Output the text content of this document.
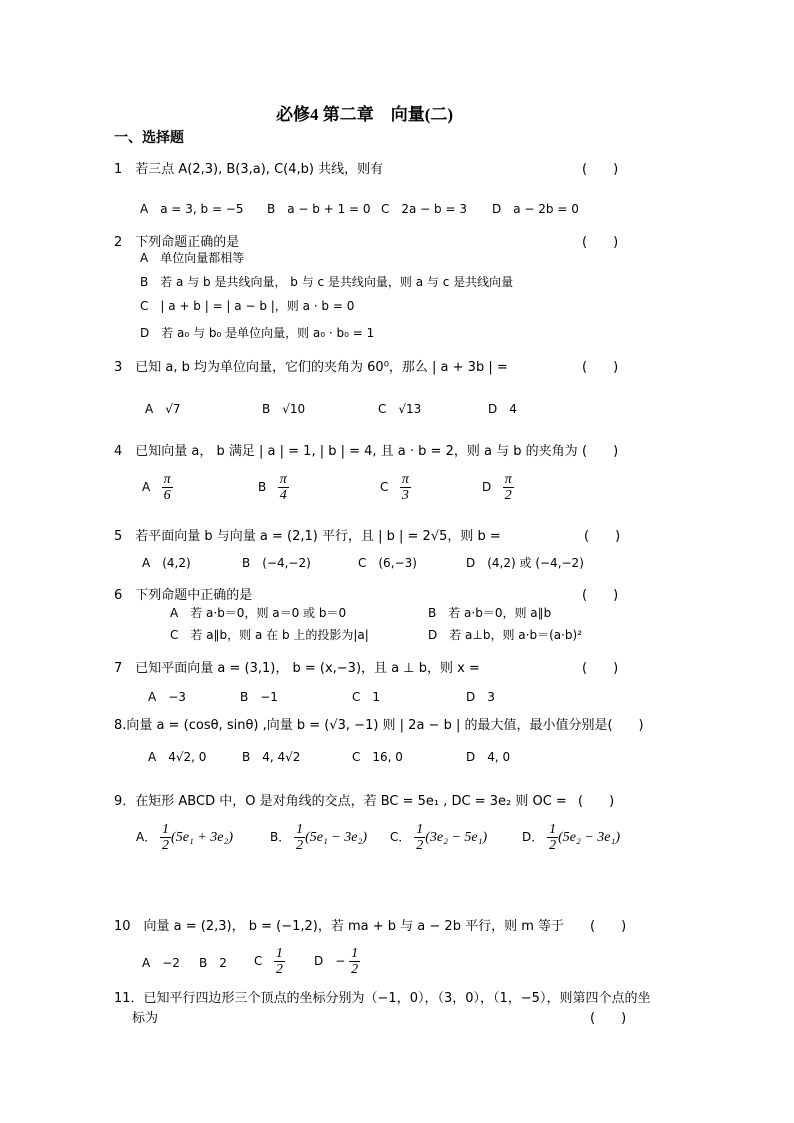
必修4 第二章　向量(二)
一、选择题
1　若三点 A(2,3), B(3,a), C(4,b) 共线，则有	(　　)
A　a = 3, b = −5 B　a − b + 1 = 0 C　2a − b = 3 D　a − 2b = 0
2　下列命题正确的是	(　　)
A　单位向量都相等
B　若 a 与 b 是共线向量， b 与 c 是共线向量，则 a 与 c 是共线向量
C　| a + b | = | a − b |，则 a · b = 0
D　若 a₀ 与 b₀ 是单位向量，则 a₀ · b₀ = 1
3　已知 a, b 均为单位向量，它们的夹角为 60⁰，那么 | a + 3b | =	(　　)
A　√7	B　√10	C　√13	D　4
4　已知向量 a， b 满足 | a | = 1, | b | = 4, 且 a · b = 2，则 a 与 b 的夹角为 (　　)
A $\frac{\pi}{6}$	B $\frac{\pi}{4}$	C $\frac{\pi}{3}$	D $\frac{\pi}{2}$
5　若平面向量 b 与向量 a = (2,1) 平行，且 | b | = 2√5，则 b =	(　　)
A　(4,2)	B　(−4,−2)	C　(6,−3)	D　(4,2) 或 (−4,−2)
6　下列命题中正确的是	(　　)
A　若 a·b＝0，则 a＝0 或 b＝0	B　若 a·b＝0，则 a∥b
C　若 a∥b，则 a 在 b 上的投影为|a|	D　若 a⊥b，则 a·b＝(a·b)²
7　已知平面向量 a = (3,1)， b = (x,−3)，且 a ⊥ b，则 x =	(　　)
A　−3	B　−1	C　1	D　3
8.向量 a = (cosθ, sinθ) ,向量 b = (√3, −1) 则 | 2a − b | 的最大值，最小值分别是(　　)
A　4√2, 0	B　4, 4√2	C　16, 0	D　4, 0
9．在矩形 ABCD 中，O 是对角线的交点，若 BC = 5e₁ , DC = 3e₂ 则 OC = (　　)
A． $\frac{1}{2} (5e_1 + 3e_2)$	B． $\frac{1}{2} (5e_1 - 3e_2)$ C． $\frac{1}{2} (3e_2 - 5e_1)$	D． $\frac{1}{2} (5e_2 - 3e_1)$
10　向量 a = (2,3)， b = (−1,2)，若 ma + b 与 a − 2b 平行，则 m 等于 (　　)
A　−2 B　2 C $\frac{1}{2}$ D　− $\frac{1}{2}$
11．已知平行四边形三个顶点的坐标分别为（−1，0），（3，0），（1，−5），则第四个点的坐
标为	(　　)
